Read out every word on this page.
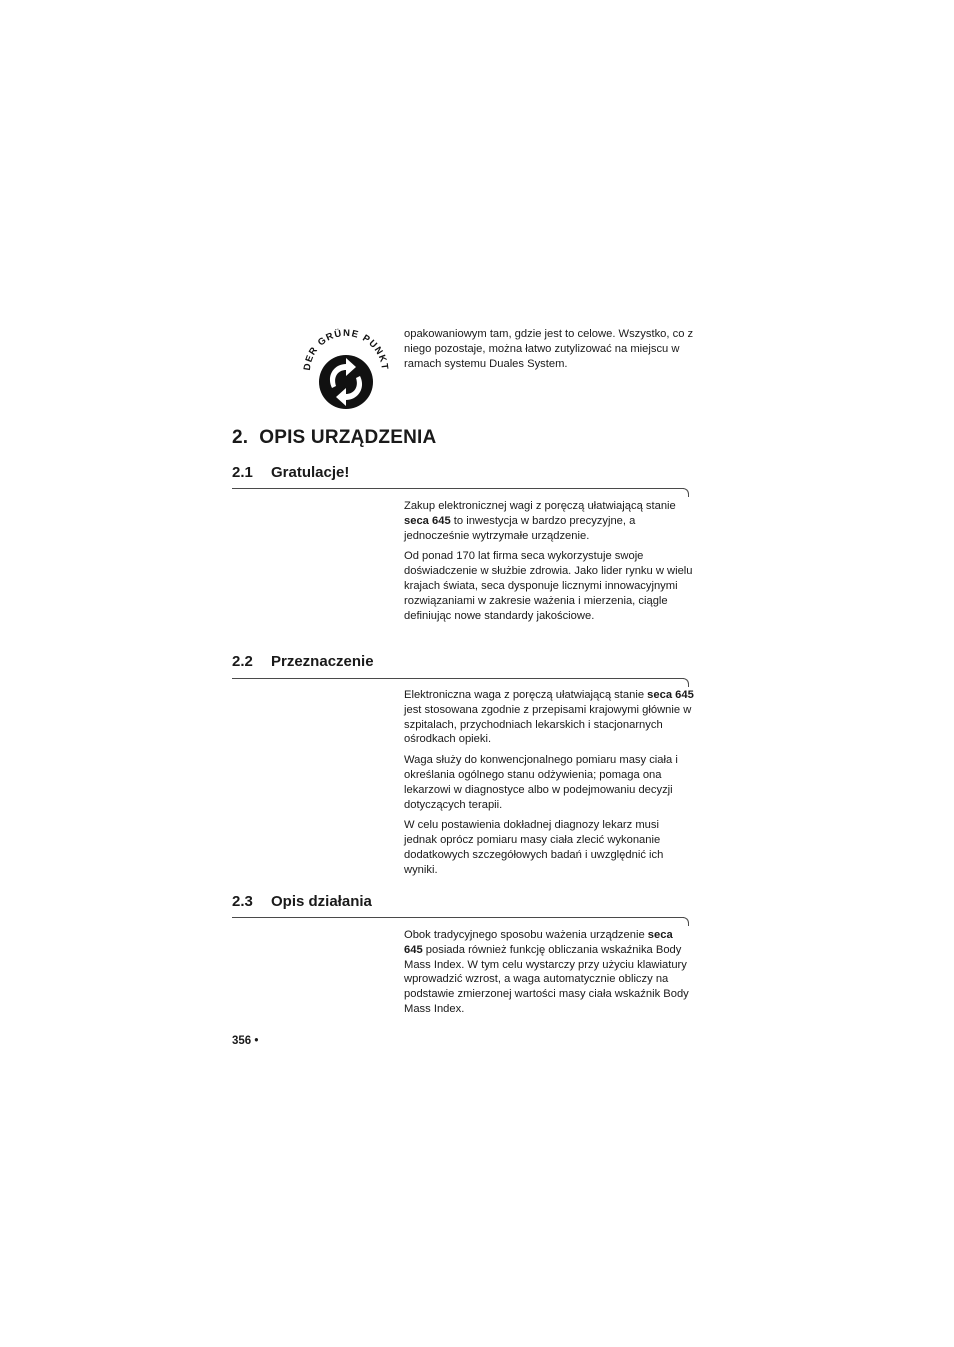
DER GRÜNE PUNKT
opakowaniowym tam, gdzie jest to celowe. Wszystko, co z niego pozostaje, można łatwo zutylizować na miejscu w ramach systemu Duales System.
2. OPIS URZĄDZENIA
2.1 Gratulacje!

Zakup elektronicznej wagi z poręczą ułatwiającą stanie seca 645 to inwestycja w bardzo precyzyjne, a jednocześnie wytrzymałe urządzenie.

Od ponad 170 lat firma seca wykorzystuje swoje doświadczenie w służbie zdrowia. Jako lider rynku w wielu krajach świata, seca dysponuje licznymi innowacyjnymi rozwiązaniami w zakresie ważenia i mierzenia, ciągle definiując nowe standardy jakościowe.

2.2 Przeznaczenie

Elektroniczna waga z poręczą ułatwiającą stanie seca 645 jest stosowana zgodnie z przepisami krajowymi głównie w szpitalach, przychodniach lekarskich i stacjonarnych ośrodkach opieki.

Waga służy do konwencjonalnego pomiaru masy ciała i określania ogólnego stanu odżywienia; pomaga ona lekarzowi w diagnostyce albo w podejmowaniu decyzji dotyczących terapii.

W celu postawienia dokładnej diagnozy lekarz musi jednak oprócz pomiaru masy ciała zlecić wykonanie dodatkowych szczegółowych badań i uwzględnić ich wyniki.

2.3 Opis działania

Obok tradycyjnego sposobu ważenia urządzenie seca 645 posiada również funkcję obliczania wskaźnika Body Mass Index. W tym celu wystarczy przy użyciu klawiatury wprowadzić wzrost, a waga automatycznie obliczy na podstawie zmierzonej wartości masy ciała wskaźnik Body Mass Index.

356 •
